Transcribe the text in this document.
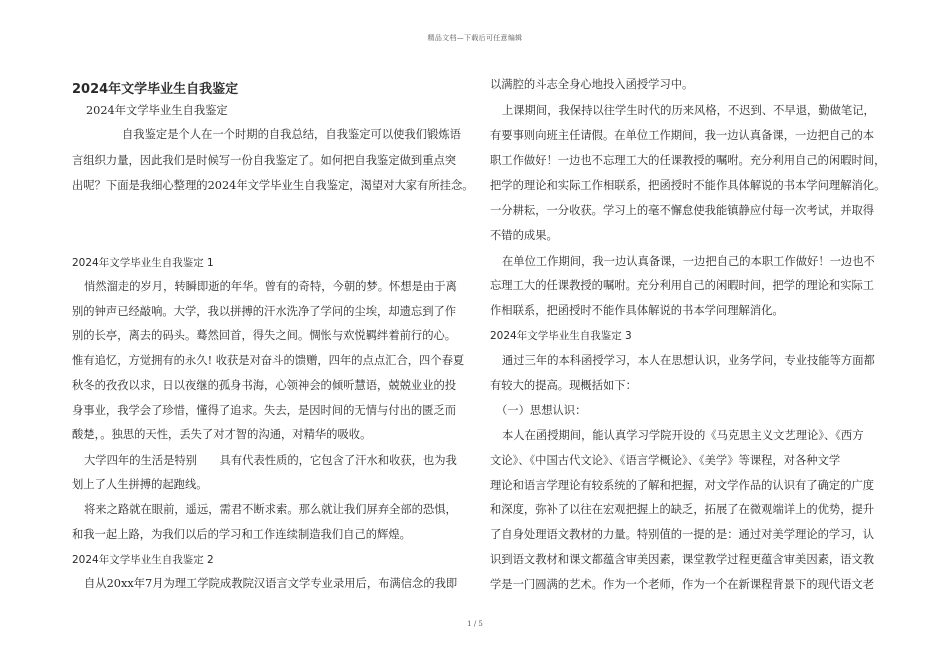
精品文档—下载后可任意编辑
2024年文学毕业生自我鉴定
2024年文学毕业生自我鉴定
自我鉴定是个人在一个时期的自我总结，自我鉴定可以使我们锻炼语
言组织力量，因此我们是时候写一份自我鉴定了。如何把自我鉴定做到重点突
出呢？下面是我细心整理的2024年文学毕业生自我鉴定，渴望对大家有所挂念。
2024年文学毕业生自我鉴定 1
悄然溜走的岁月，转瞬即逝的年华。曾有的奇特，今朝的梦。怀想是由于离
别的钟声已经敲响。大学，我以拼搏的汗水洗净了学问的尘埃，却遗忘到了作
别的长亭，离去的码头。蓦然回首，得失之间。惆怅与欢悦羁绊着前行的心。
惟有追忆，方觉拥有的永久! 收获是对奋斗的馈赠，四年的点点汇合，四个春夏
秋冬的孜孜以求，日以夜继的孤身书海，心领神会的倾听慧语，兢兢业业的投
身事业，我学会了珍惜，懂得了追求。失去，是因时间的无情与付出的匮乏而
酸楚，。独思的天性，丢失了对才智的沟通，对精华的吸收。
大学四年的生活是特别　　具有代表性质的，它包含了汗水和收获，也为我
划上了人生拼搏的起跑线。
将来之路就在眼前，遥远，需君不断求索。那么就让我们屏弃全部的恐惧，
和我一起上路，为我们以后的学习和工作连续制造我们自己的辉煌。
2024年文学毕业生自我鉴定 2
自从20xx年7月为理工学院成教院汉语言文学专业录用后，布满信念的我即
以满腔的斗志全身心地投入函授学习中。
上课期间，我保持以往学生时代的历来风格，不迟到、不早退，勤做笔记，
有要事则向班主任请假。在单位工作期间，我一边认真备课，一边把自己的本
职工作做好！一边也不忘理工大的任课教授的嘱咐。充分利用自己的闲暇时间，
把学的理论和实际工作相联系，把函授时不能作具体解说的书本学问理解消化。
一分耕耘，一分收获。学习上的毫不懈怠使我能镇静应付每一次考试，并取得
不错的成果。
在单位工作期间，我一边认真备课，一边把自己的本职工作做好！一边也不
忘理工大的任课教授的嘱咐。充分利用自己的闲暇时间，把学的理论和实际工
作相联系，把函授时不能作具体解说的书本学问理解消化。
2024年文学毕业生自我鉴定 3
通过三年的本科函授学习，本人在思想认识，业务学问，专业技能等方面都
有较大的提高。现概括如下：
（一）思想认识：
本人在函授期间，能认真学习学院开设的《马克思主义文艺理论》、《西方
文论》、《中国古代文论》、《语言学概论》、《美学》等课程，对各种文学
理论和语言学理论有较系统的了解和把握，对文学作品的认识有了确定的广度
和深度，弥补了以往在宏观把握上的缺乏，拓展了在微观端详上的优势，提升
了自身处理语文教材的力量。特别值的一提的是：通过对美学理论的学习，认
识到语文教材和课文都蕴含审美因素，课堂教学过程更蕴含审美因素，语文教
学是一门圆满的艺术。作为一个老师，作为一个在新课程背景下的现代语文老
1 / 5
